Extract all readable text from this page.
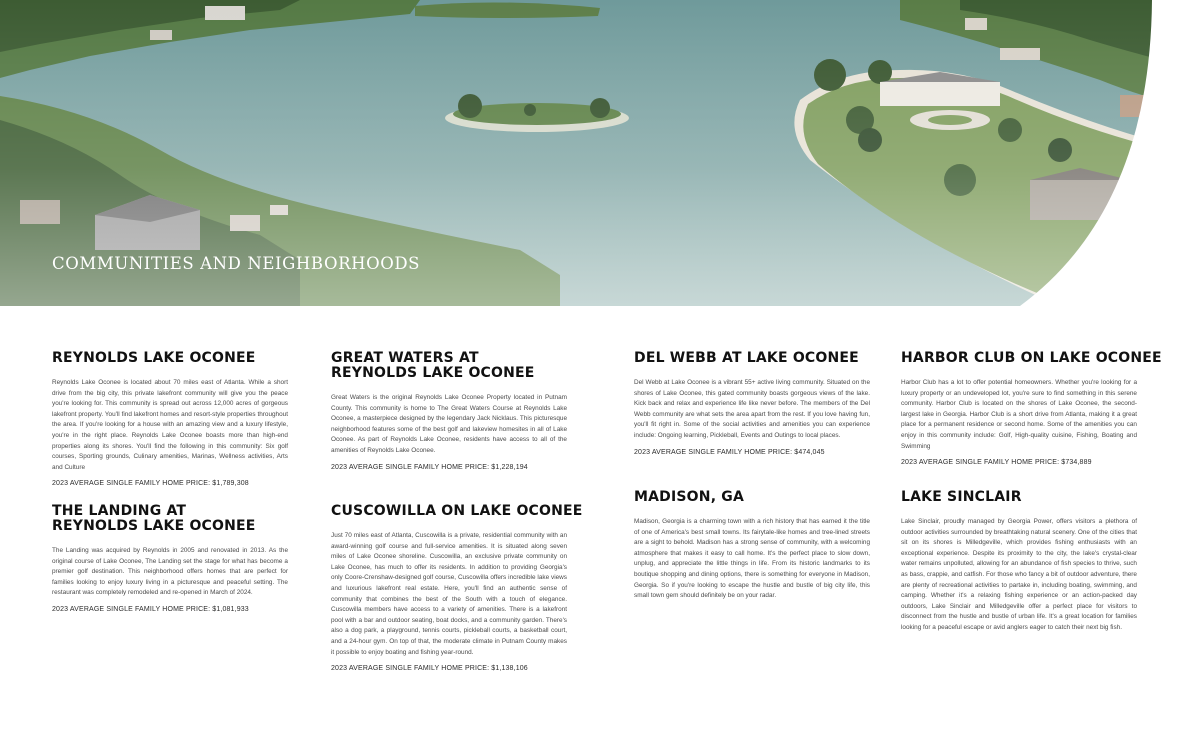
COMMUNITIES AND NEIGHBORHOODS
REYNOLDS LAKE OCONEE

Reynolds Lake Oconee is located about 70 miles east of Atlanta. While a short drive from the big city, this private lakefront community will give you the peace you're looking for. This community is spread out across 12,000 acres of gorgeous lakefront property. You'll find lakefront homes and resort-style properties throughout the area. If you're looking for a house with an amazing view and a luxury lifestyle, you're in the right place. Reynolds Lake Oconee boasts more than high-end properties along its shores. You'll find the following in this community: Six golf courses, Sporting grounds, Culinary amenities, Marinas, Wellness activities, Arts and Culture

2023 AVERAGE SINGLE FAMILY HOME PRICE: $1,789,308
GREAT WATERS AT
REYNOLDS LAKE OCONEE

Great Waters is the original Reynolds Lake Oconee Property located in Putnam County. This community is home to The Great Waters Course at Reynolds Lake Oconee, a masterpiece designed by the legendary Jack Nicklaus. This picturesque neighborhood features some of the best golf and lakeview homesites in all of Lake Oconee. As part of Reynolds Lake Oconee, residents have access to all of the amenities of Reynolds Lake Oconee.

2023 AVERAGE SINGLE FAMILY HOME PRICE: $1,228,194
DEL WEBB AT LAKE OCONEE

Del Webb at Lake Oconee is a vibrant 55+ active living community. Situated on the shores of Lake Oconee, this gated community boasts gorgeous views of the lake. Kick back and relax and experience life like never before. The members of the Del Webb community are what sets the area apart from the rest. If you love having fun, you'll fit right in. Some of the social activities and amenities you can experience include: Ongoing learning, Pickleball, Events and Outings to local places.

2023 AVERAGE SINGLE FAMILY HOME PRICE: $474,045
HARBOR CLUB ON LAKE OCONEE

Harbor Club has a lot to offer potential homeowners. Whether you're looking for a luxury property or an undeveloped lot, you're sure to find something in this serene community. Harbor Club is located on the shores of Lake Oconee, the second-largest lake in Georgia. Harbor Club is a short drive from Atlanta, making it a great place for a permanent residence or second home. Some of the amenities you can enjoy in this community include: Golf, High-quality cuisine, Fishing, Boating and Swimming

2023 AVERAGE SINGLE FAMILY HOME PRICE: $734,889
THE LANDING AT
REYNOLDS LAKE OCONEE

The Landing was acquired by Reynolds in 2005 and renovated in 2013. As the original course of Lake Oconee, The Landing set the stage for what has become a premier golf destination. This neighborhood offers homes that are perfect for families looking to enjoy luxury living in a picturesque and peaceful setting. The restaurant was completely remodeled and re-opened in March of 2024.

2023 AVERAGE SINGLE FAMILY HOME PRICE: $1,081,933
CUSCOWILLA ON LAKE OCONEE

Just 70 miles east of Atlanta, Cuscowilla is a private, residential community with an award-winning golf course and full-service amenities. It is situated along seven miles of Lake Oconee shoreline. Cuscowilla, an exclusive private community on Lake Oconee, has much to offer its residents. In addition to providing Georgia's only Coore-Crenshaw-designed golf course, Cuscowilla offers incredible lake views and luxurious lakefront real estate. Here, you'll find an authentic sense of community that combines the best of the South with a touch of elegance. Cuscowilla members have access to a variety of amenities. There is a lakefront pool with a bar and outdoor seating, boat docks, and a community garden. There's also a dog park, a playground, tennis courts, pickleball courts, a basketball court, and a 24-hour gym. On top of that, the moderate climate in Putnam County makes it possible to enjoy boating and fishing year-round.

2023 AVERAGE SINGLE FAMILY HOME PRICE: $1,138,106
MADISON, GA

Madison, Georgia is a charming town with a rich history that has earned it the title of one of America's best small towns. Its fairytale-like homes and tree-lined streets are a sight to behold. Madison has a strong sense of community, with a welcoming atmosphere that makes it easy to call home. It's the perfect place to slow down, unplug, and appreciate the little things in life. From its historic landmarks to its boutique shopping and dining options, there is something for everyone in Madison, Georgia. So if you're looking to escape the hustle and bustle of big city life, this small town gem should definitely be on your radar.

LAKE SINCLAIR

Lake Sinclair, proudly managed by Georgia Power, offers visitors a plethora of outdoor activities surrounded by breathtaking natural scenery. One of the cities that sit on its shores is Milledgeville, which provides fishing enthusiasts with an exceptional experience. Despite its proximity to the city, the lake's crystal-clear water remains unpolluted, allowing for an abundance of fish species to thrive, such as bass, crappie, and catfish. For those who fancy a bit of outdoor adventure, there are plenty of recreational activities to partake in, including boating, swimming, and camping. Whether it's a relaxing fishing experience or an action-packed day outdoors, Lake Sinclair and Milledgeville offer a perfect place for visitors to disconnect from the hustle and bustle of urban life. It's a great location for families looking for a peaceful escape or avid anglers eager to catch their next big fish.
